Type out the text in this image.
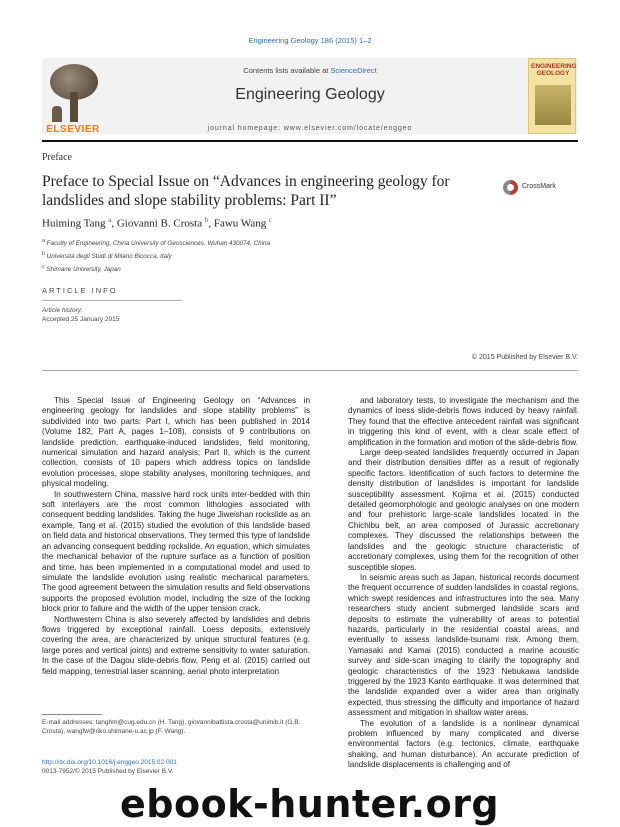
Engineering Geology 186 (2015) 1–2
ELSEVIER
Contents lists available at ScienceDirect
Engineering Geology
journal homepage: www.elsevier.com/locate/enggeo
ENGINEERING GEOLOGY
Preface
Preface to Special Issue on “Advances in engineering geology for landslides and slope stability problems: Part II”
CrossMark
Huiming Tang $^a$, Giovanni B. Crosta $^b$, Fawu Wang $^c$
$^a$ Faculty of Engineering, China University of Geosciences, Wuhan 430074, China
$^b$ Università degli Studi di Milano Bicocca, Italy
$^c$ Shimane University, Japan
ARTICLE INFO
Article history:
Accepted 25 January 2015
© 2015 Published by Elsevier B.V.

This Special Issue of Engineering Geology on “Advances in engineering geology for landslides and slope stability problems” is subdivided into two parts: Part I, which has been published in 2014 (Volume 182, Part A, pages 1–108), consists of 9 contributions on landslide prediction, earthquake-induced landslides, field monitoring, numerical simulation and hazard analysis; Part II, which is the current collection, consists of 10 papers which address topics on landslide evolution processes, slope stability analyses, monitoring techniques, and physical modeling.

In southwestern China, massive hard rock units inter-bedded with thin soft interlayers are the most common lithologies associated with consequent bedding landslides. Taking the huge Jiweishan rockslide as an example, Tang et al. (2015) studied the evolution of this landslide based on field data and historical observations. They termed this type of landslide an advancing consequent bedding rockslide. An equation, which simulates the mechanical behavior of the rupture surface as a function of position and time, has been implemented in a computational model and used to simulate the landslide evolution using realistic mechanical parameters. The good agreement between the simulation results and field observations supports the proposed evolution model, including the size of the locking block prior to failure and the width of the upper tension crack.

Northwestern China is also severely affected by landslides and debris flows triggered by exceptional rainfall. Loess deposits, extensively covering the area, are characterized by unique structural features (e.g. large pores and vertical joints) and extreme sensitivity to water saturation. In the case of the Dagou slide-debris flow, Peng et al. (2015) carried out field mapping, terrestrial laser scanning, aerial photo interpretation

and laboratory tests, to investigate the mechanism and the dynamics of loess slide-debris flows induced by heavy rainfall. They found that the effective antecedent rainfall was significant in triggering this kind of event, with a clear scale effect of amplification in the formation and motion of the slide-debris flow.

Large deep-seated landslides frequently occurred in Japan and their distribution densities differ as a result of regionally specific factors. Identification of such factors to determine the density distribution of landslides is important for landslide susceptibility assessment. Kojima et al. (2015) conducted detailed geomorphologic and geologic analyses on one modern and four prehistoric large-scale landslides located in the Chichibu belt, an area composed of Jurassic accretionary complexes. They discussed the relationships between the landslides and the geologic structure characteristic of accretionary complexes, using them for the recognition of other susceptible slopes.

In seismic areas such as Japan, historical records document the frequent occurrence of sudden landslides in coastal regions, which swept residences and infrastructures into the sea. Many researchers study ancient submerged landslide scars and deposits to estimate the vulnerability of areas to potential hazards, particularly in the residential coastal areas, and eventually to assess landslide-tsunami risk. Among them, Yamasaki and Kamai (2015) conducted a marine acoustic survey and side-scan imaging to clarify the topography and geologic characteristics of the 1923 Nebukawa landslide triggered by the 1923 Kanto earthquake. It was determined that the landslide expanded over a wider area than originally expected, thus stressing the difficulty and importance of hazard assessment and mitigation in shallow water areas.

The evolution of a landslide is a nonlinear dynamical problem influenced by many complicated and diverse environmental factors (e.g. tectonics, climate, earthquake shaking, and human disturbance). An accurate prediction of landslide displacements is challenging and of

E-mail addresses: tanghm@cug.edu.cn (H. Tang), giovannibattista.crosta@unimib.it (G.B. Crosta), wangfw@riko.shimane-u.ac.jp (F. Wang).
http://dx.doi.org/10.1016/j.enggeo.2015.02.001
0013-7952/© 2015 Published by Elsevier B.V.
ebook-hunter.org
